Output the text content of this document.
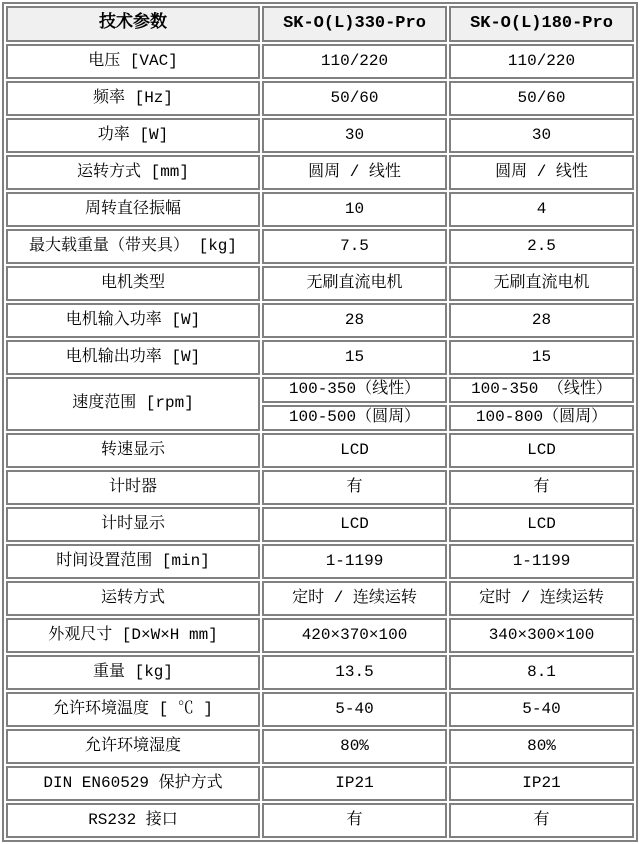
技术参数	SK-O(L)330-Pro	SK-O(L)180-Pro
电压 [VAC]	110/220	110/220
频率 [Hz]	50/60	50/60
功率 [W]	30	30
运转方式 [mm]	圆周 / 线性	圆周 / 线性
周转直径振幅	10	4
最大载重量（带夹具） [kg]	7.5	2.5
电机类型	无刷直流电机	无刷直流电机
电机输入功率 [W]	28	28
电机输出功率 [W]	15	15
速度范围 [rpm]	100-350（线性）	100-350 （线性）
	100-500（圆周）	100-800（圆周）
转速显示	LCD	LCD
计时器	有	有
计时显示	LCD	LCD
时间设置范围 [min]	1-1199	1-1199
运转方式	定时 / 连续运转	定时 / 连续运转
外观尺寸 [D×W×H mm]	420×370×100	340×300×100
重量 [kg]	13.5	8.1
允许环境温度 [ ℃ ]	5-40	5-40
允许环境湿度	80%	80%
DIN EN60529 保护方式	IP21	IP21
RS232 接口	有	有
